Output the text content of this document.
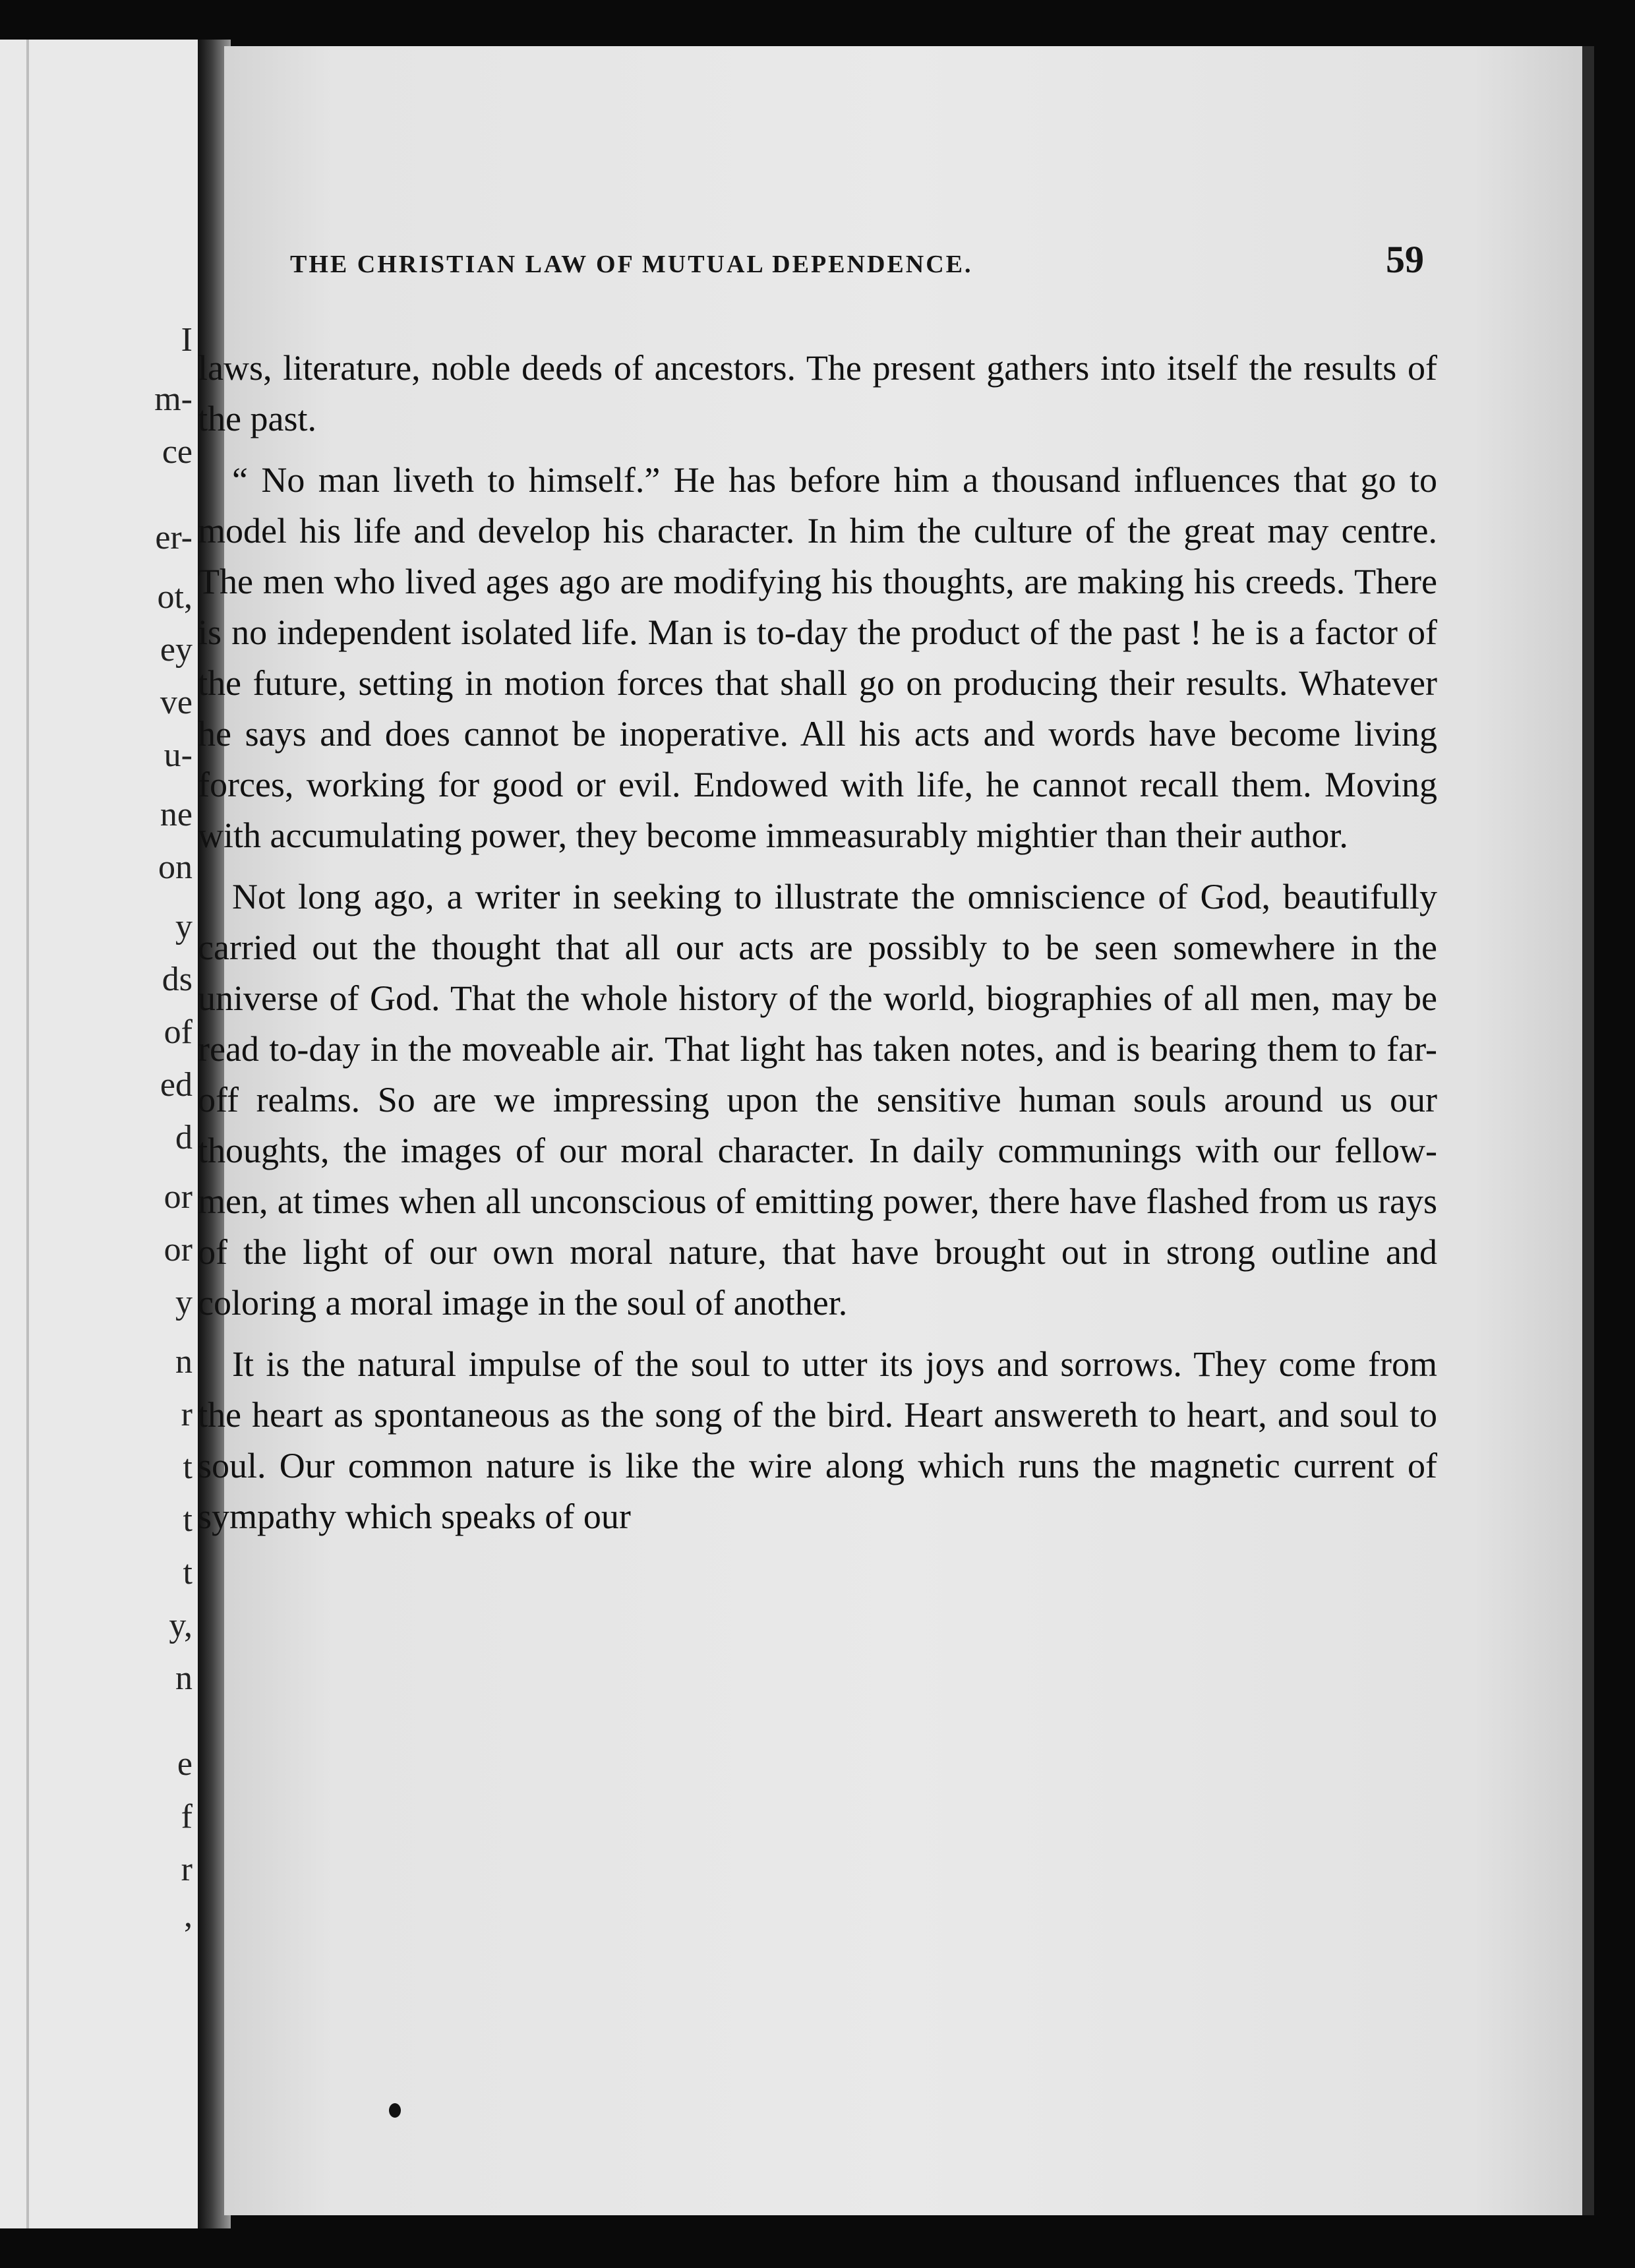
I
m-
ce
er-
ot,
ey
ve
u-
ne
on
y
ds
of
ed
d
or
or
y
n
r
t
t
t
y,
n
e
f
r
,
THE CHRISTIAN LAW OF MUTUAL DEPENDENCE.	59

laws, literature, noble deeds of ancestors. The present gathers into itself the results of the past.

“ No man liveth to himself.” He has before him a thousand influences that go to model his life and develop his character. In him the culture of the great may centre. The men who lived ages ago are modifying his thoughts, are making his creeds. There is no independent isolated life. Man is to-day the product of the past ! he is a factor of the future, setting in motion forces that shall go on producing their results. Whatever he says and does cannot be inoperative. All his acts and words have become living forces, working for good or evil. Endowed with life, he cannot recall them. Moving with accumulating power, they become immeasurably mightier than their author.

Not long ago, a writer in seeking to illustrate the omniscience of God, beautifully carried out the thought that all our acts are possibly to be seen somewhere in the universe of God. That the whole history of the world, biographies of all men, may be read to-day in the moveable air. That light has taken notes, and is bearing them to far-off realms. So are we impressing upon the sensitive human souls around us our thoughts, the images of our moral character. In daily communings with our fellow-men, at times when all unconscious of emitting power, there have flashed from us rays of the light of our own moral nature, that have brought out in strong outline and coloring a moral image in the soul of another.

It is the natural impulse of the soul to utter its joys and sorrows. They come from the heart as spontaneous as the song of the bird. Heart answereth to heart, and soul to soul. Our common nature is like the wire along which runs the magnetic current of sympathy which speaks of our
